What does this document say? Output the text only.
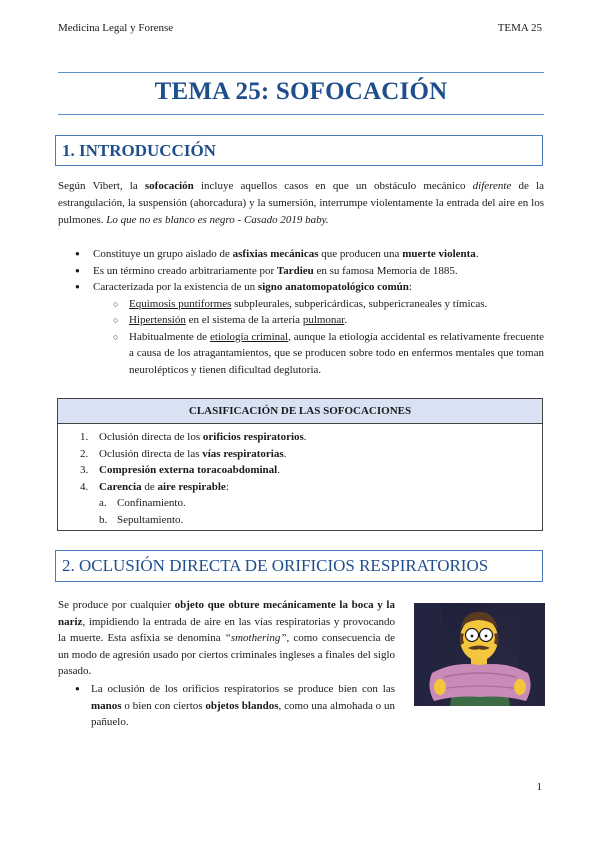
Medicina Legal y Forense	TEMA 25
TEMA 25: SOFOCACIÓN
1. INTRODUCCIÓN

Según Vibert, la sofocación incluye aquellos casos en que un obstáculo mecánico diferente de la estrangulación, la suspensión (ahorcadura) y la sumersión, interrumpe violentamente la entrada del aire en los pulmones. Lo que no es blanco es negro - Casado 2019 baby.

● Constituye un grupo aislado de asfixias mecánicas que producen una muerte violenta.
● Es un término creado arbitrariamente por Tardieu en su famosa Memoria de 1885.
● Caracterizada por la existencia de un signo anatomopatológico común:
○ Equimosis puntiformes subpleurales, subpericárdicas, subpericraneales y tímicas.
○ Hipertensión en el sistema de la arteria pulmonar.
○ Habitualmente de etiología criminal, aunque la etiología accidental es relativamente frecuente a causa de los atragantamientos, que se producen sobre todo en enfermos mentales que toman neurolépticos y tienen dificultad deglutoria.
CLASIFICACIÓN DE LAS SOFOCACIONES
1. Oclusión directa de los orificios respiratorios.
2. Oclusión directa de las vías respiratorias.
3. Compresión externa toracoabdominal.
4. Carencia de aire respirable:
a. Confinamiento.
b. Sepultamiento.
2. OCLUSIÓN DIRECTA DE ORIFICIOS RESPIRATORIOS

Se produce por cualquier objeto que obture mecánicamente la boca y la nariz, impidiendo la entrada de aire en las vías respiratorias y provocando la muerte. Esta asfixia se denomina “smothering”, como consecuencia de un modo de agresión usado por ciertos criminales ingleses a finales del siglo pasado.

● La oclusión de los orificios respiratorios se produce bien con las manos o bien con ciertos objetos blandos, como una almohada o un pañuelo.
1
